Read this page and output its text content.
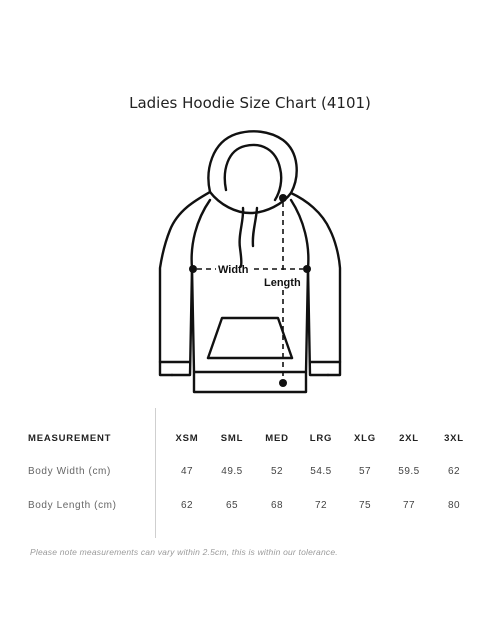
Ladies Hoodie Size Chart (4101)
Width
Length
MEASUREMENT	XSM	SML	MED	LRG	XLG	2XL	3XL
Body Width (cm)	47	49.5	52	54.5	57	59.5	62
Body Length (cm)	62	65	68	72	75	77	80
Please note measurements can vary within 2.5cm, this is within our tolerance.
